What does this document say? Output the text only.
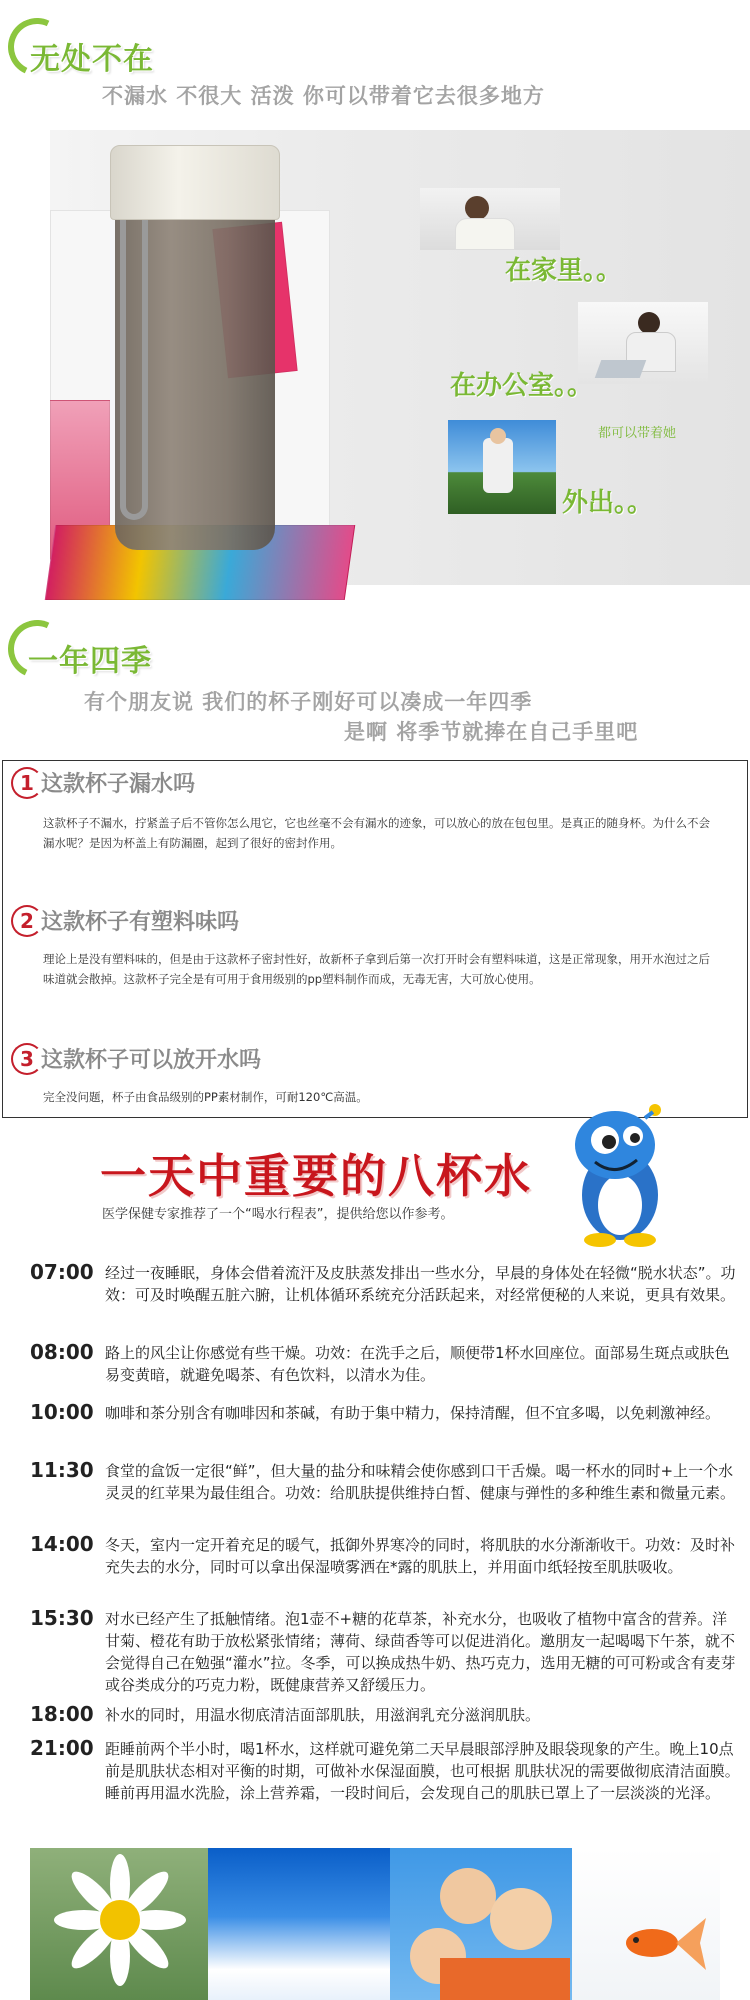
无处不在
不漏水 不很大 活泼 你可以带着它去很多地方
在家里。。
在办公室。。
都可以带着她
外出。。
一年四季
有个朋友说 我们的杯子刚好可以凑成一年四季
是啊 将季节就捧在自己手里吧
1 这款杯子漏水吗
这款杯子不漏水，拧紧盖子后不管你怎么甩它，它也丝毫不会有漏水的迹象，可以放心的放在包包里。是真正的随身杯。为什么不会漏水呢？是因为杯盖上有防漏圈，起到了很好的密封作用。
2 这款杯子有塑料味吗
理论上是没有塑料味的，但是由于这款杯子密封性好，故新杯子拿到后第一次打开时会有塑料味道，这是正常现象，用开水泡过之后味道就会散掉。这款杯子完全是有可用于食用级别的pp塑料制作而成，无毒无害，大可放心使用。
3 这款杯子可以放开水吗
完全没问题，杯子由食品级别的PP素材制作，可耐120℃高温。
一天中重要的八杯水
医学保健专家推荐了一个“喝水行程表”，提供给您以作参考。
07:00 经过一夜睡眠，身体会借着流汗及皮肤蒸发排出一些水分，早晨的身体处在轻微“脱水状态”。功效：可及时唤醒五脏六腑，让机体循环系统充分活跃起来，对经常便秘的人来说，更具有效果。
08:00 路上的风尘让你感觉有些干燥。功效：在洗手之后，顺便带1杯水回座位。面部易生斑点或肤色易变黄暗，就避免喝茶、有色饮料，以清水为佳。
10:00 咖啡和茶分别含有咖啡因和茶碱，有助于集中精力，保持清醒，但不宜多喝，以免刺激神经。
11:30 食堂的盒饭一定很“鲜”，但大量的盐分和味精会使你感到口干舌燥。喝一杯水的同时+上一个水灵灵的红苹果为最佳组合。功效：给肌肤提供维持白皙、健康与弹性的多种维生素和微量元素。
14:00 冬天，室内一定开着充足的暖气，抵御外界寒冷的同时，将肌肤的水分渐渐收干。功效：及时补充失去的水分，同时可以拿出保湿喷雾洒在*露的肌肤上，并用面巾纸轻按至肌肤吸收。
15:30 对水已经产生了抵触情绪。泡1壶不+糖的花草茶，补充水分，也吸收了植物中富含的营养。洋甘菊、橙花有助于放松紧张情绪；薄荷、绿茴香等可以促进消化。邀朋友一起喝喝下午茶，就不会觉得自己在勉强“灌水”拉。冬季，可以换成热牛奶、热巧克力，选用无糖的可可粉或含有麦芽或谷类成分的巧克力粉，既健康营养又舒缓压力。
18:00 补水的同时，用温水彻底清洁面部肌肤，用滋润乳充分滋润肌肤。
21:00 距睡前两个半小时，喝1杯水，这样就可避免第二天早晨眼部浮肿及眼袋现象的产生。晚上10点前是肌肤状态相对平衡的时期，可做补水保湿面膜，也可根据 肌肤状况的需要做彻底清洁面膜。睡前再用温水洗脸，涂上营养霜，一段时间后，会发现自己的肌肤已罩上了一层淡淡的光泽。
